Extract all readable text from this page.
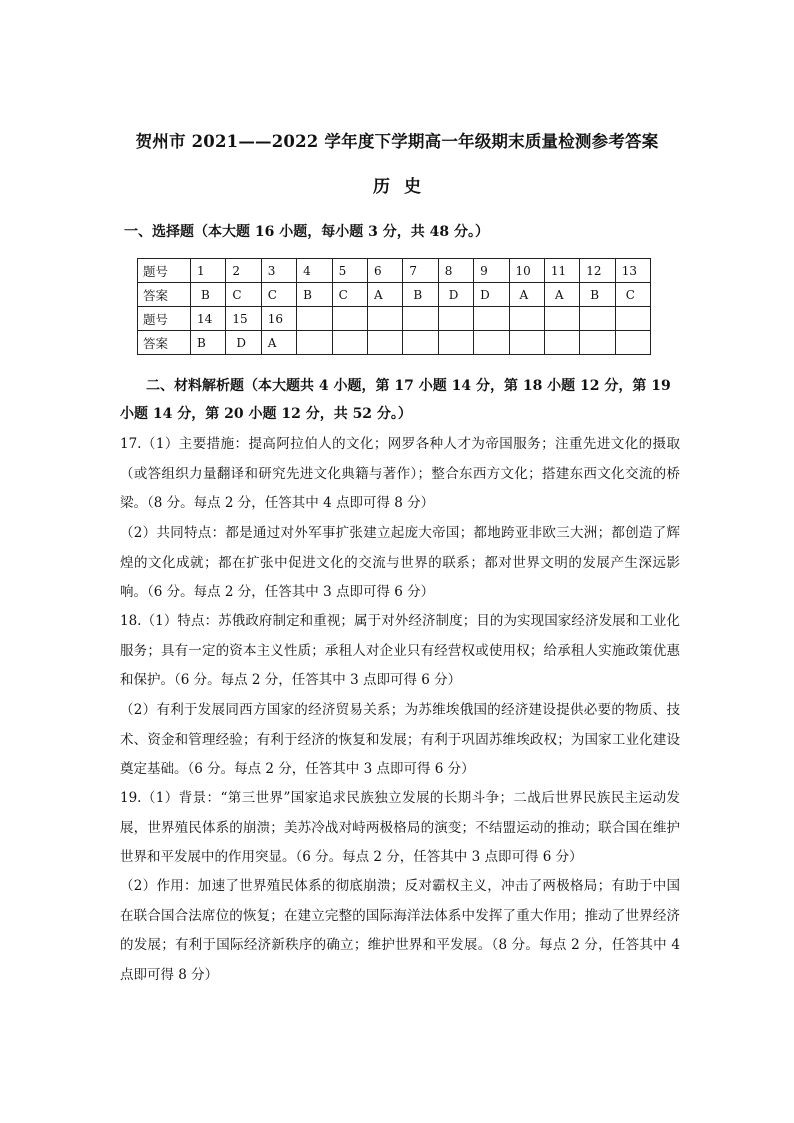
贺州市 2021——2022 学年度下学期高一年级期末质量检测参考答案
历史
一、选择题（本大题 16 小题，每小题 3 分，共 48 分。）
题号	1	2	3	4	5	6	7	8	9	10	11	12	13
答案	B	C	C	B	C	A	B	D	D	A	A	B	C
题号	14	15	16										
答案	B	D	A										
二、材料解析题（本大题共 4 小题，第 17 小题 14 分，第 18 小题 12 分，第 19 小题 14 分，第 20 小题 12 分，共 52 分。）
17.（1）主要措施：提高阿拉伯人的文化；网罗各种人才为帝国服务；注重先进文化的摄取（或答组织力量翻译和研究先进文化典籍与著作）；整合东西方文化；搭建东西文化交流的桥梁。（8 分。每点 2 分，任答其中 4 点即可得 8 分）
（2）共同特点：都是通过对外军事扩张建立起庞大帝国；都地跨亚非欧三大洲；都创造了辉煌的文化成就；都在扩张中促进文化的交流与世界的联系；都对世界文明的发展产生深远影响。（6 分。每点 2 分，任答其中 3 点即可得 6 分）
18.（1）特点：苏俄政府制定和重视；属于对外经济制度；目的为实现国家经济发展和工业化服务；具有一定的资本主义性质；承租人对企业只有经营权或使用权；给承租人实施政策优惠和保护。（6 分。每点 2 分，任答其中 3 点即可得 6 分）
（2）有利于发展同西方国家的经济贸易关系；为苏维埃俄国的经济建设提供必要的物质、技术、资金和管理经验；有利于经济的恢复和发展；有利于巩固苏维埃政权；为国家工业化建设奠定基础。（6 分。每点 2 分，任答其中 3 点即可得 6 分）
19.（1）背景：“第三世界”国家追求民族独立发展的长期斗争；二战后世界民族民主运动发展，世界殖民体系的崩溃；美苏冷战对峙两极格局的演变；不结盟运动的推动；联合国在维护世界和平发展中的作用突显。（6 分。每点 2 分，任答其中 3 点即可得 6 分）
（2）作用：加速了世界殖民体系的彻底崩溃；反对霸权主义，冲击了两极格局；有助于中国在联合国合法席位的恢复；在建立完整的国际海洋法体系中发挥了重大作用；推动了世界经济的发展；有利于国际经济新秩序的确立；维护世界和平发展。（8 分。每点 2 分，任答其中 4 点即可得 8 分）
